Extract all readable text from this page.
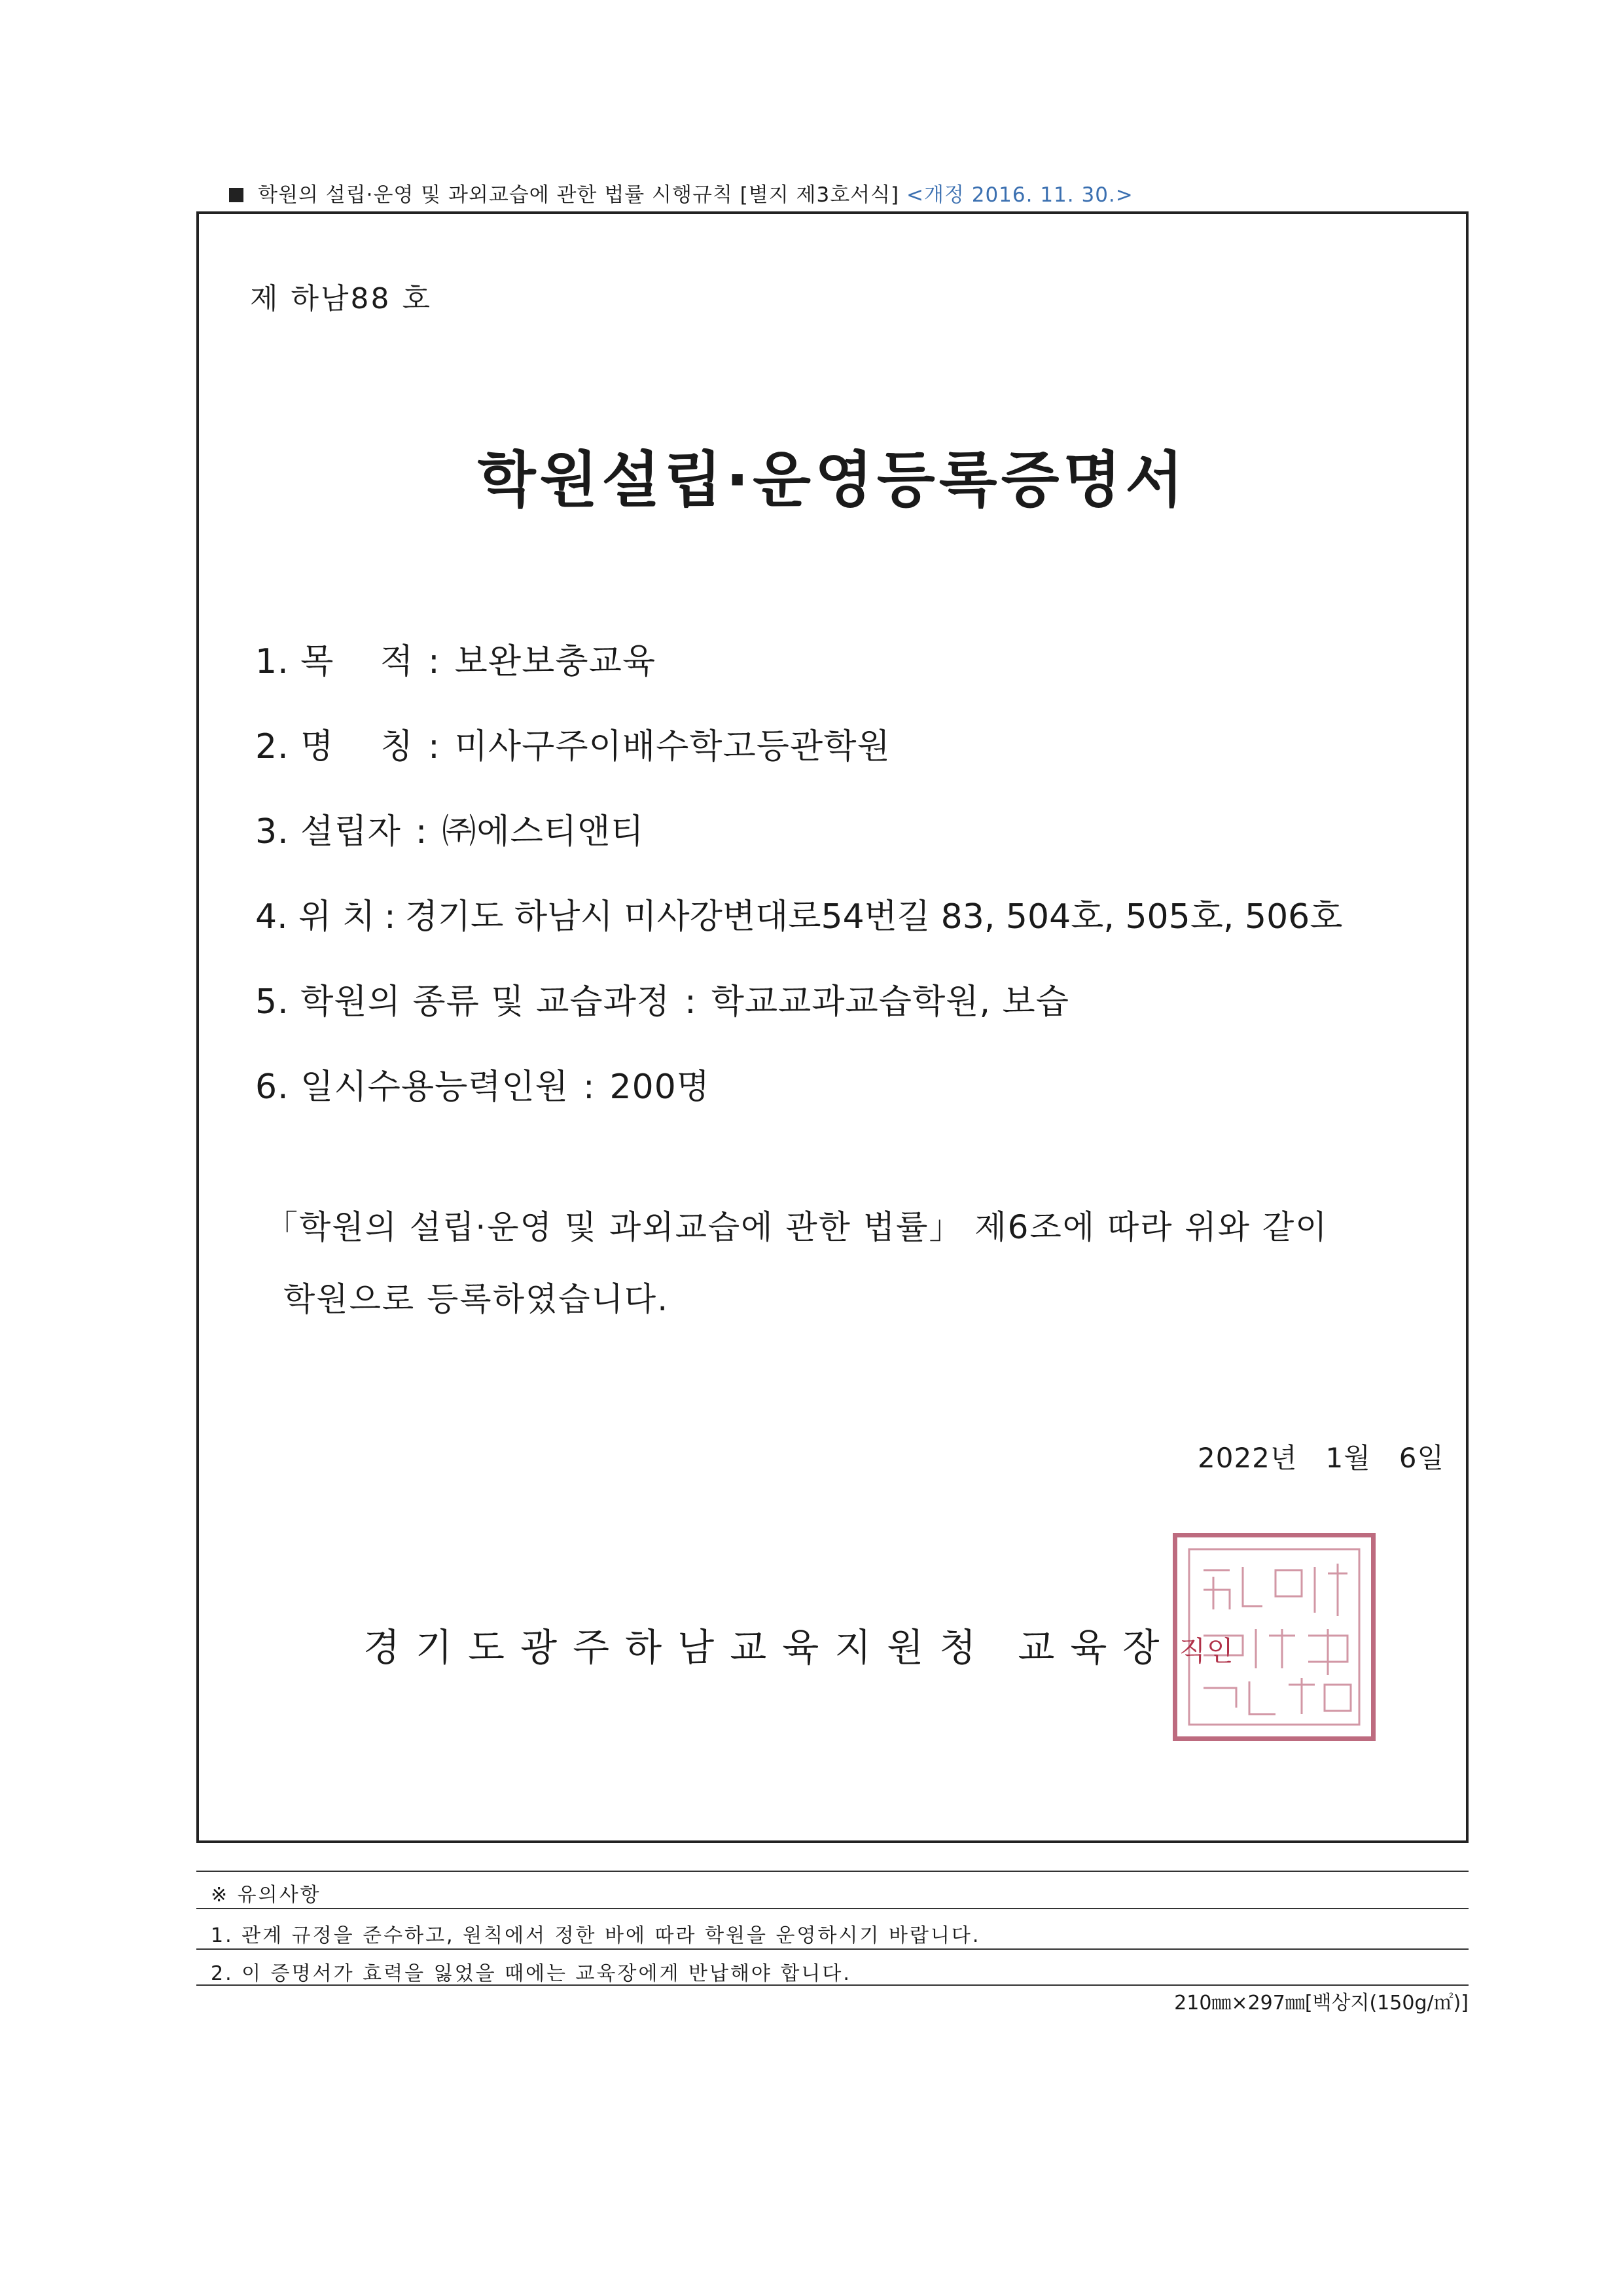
학원의 설립·운영 및 과외교습에 관한 법률 시행규칙 [별지 제3호서식] <개정 2016. 11. 30.>
제 하남88 호
학원설립·운영등록증명서
1. 목　 적 : 보완보충교육
2. 명　 칭 : 미사구주이배수학고등관학원
3. 설립자 : ㈜에스티앤티
4. 위 치 : 경기도 하남시 미사강변대로54번길 83, 504호, 505호, 506호
5. 학원의 종류 및 교습과정 : 학교교과교습학원, 보습
6. 일시수용능력인원 : 200명
「학원의 설립·운영 및 과외교습에 관한 법률」 제6조에 따라 위와 같이
학원으로 등록하였습니다.
2022년　1월　6일
경기도광주하남교육지원청 교육장 직인
※ 유의사항
1. 관계 규정을 준수하고, 원칙에서 정한 바에 따라 학원을 운영하시기 바랍니다.
2. 이 증명서가 효력을 잃었을 때에는 교육장에게 반납해야 합니다.
210㎜×297㎜[백상지(150g/㎡)]
